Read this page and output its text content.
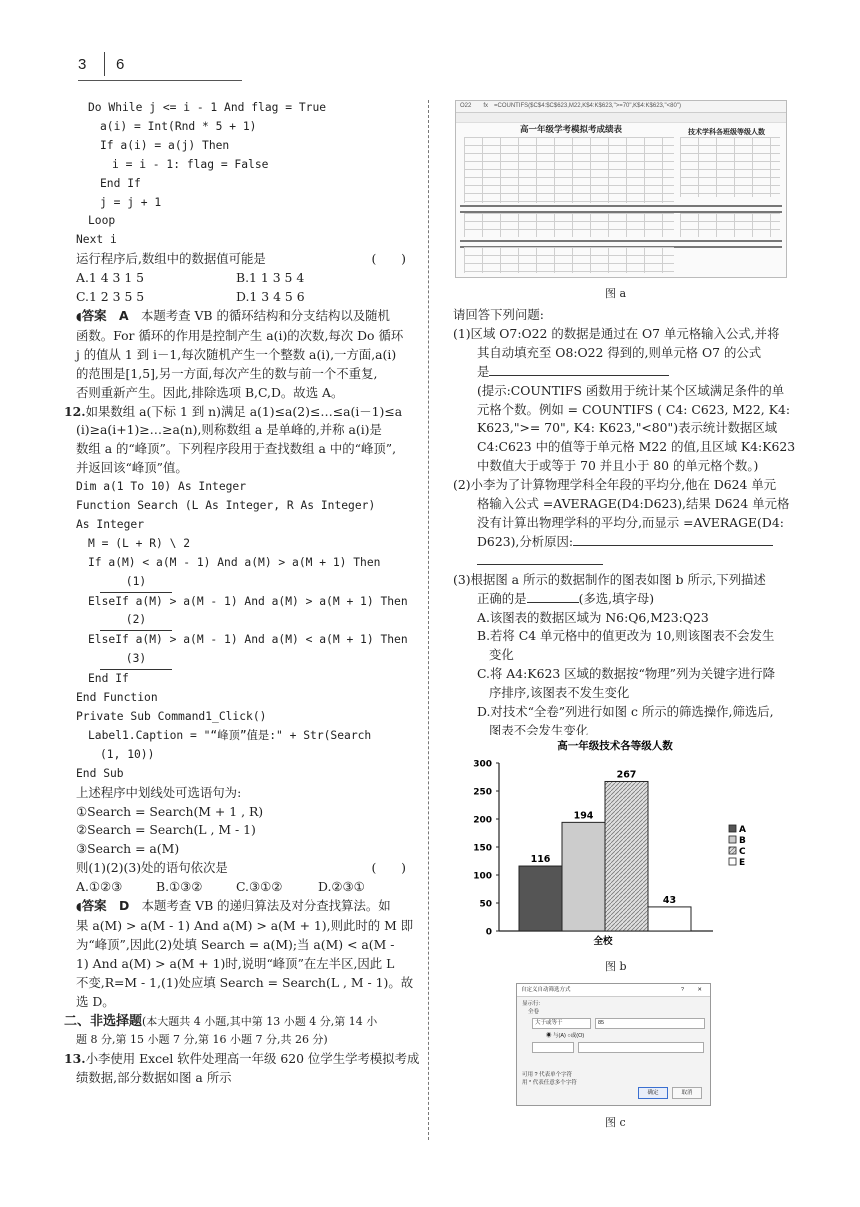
3 6
Do While j <= i - 1 And flag = True
a(i) = Int(Rnd * 5 + 1)
If a(i) = a(j) Then
i = i - 1: flag = False
End If
j = j + 1
Loop
Next i
运行程序后,数组中的数据值可能是	(　　)
A.1 4 3 1 5	B.1 1 3 5 4
C.1 2 3 5 5	D.1 3 4 5 6
◖答案　 A　 本题考查 VB 的循环结构和分支结构以及随机
函数。For 循环的作用是控制产生 a(i)的次数,每次 Do 循环
j 的值从 1 到 i－1,每次随机产生一个整数 a(i),一方面,a(i)
的范围是[1,5],另一方面,每次产生的数与前一个不重复,
否则重新产生。因此,排除选项 B,C,D。故选 A。
12.如果数组 a(下标 1 到 n)满足 a(1)≤a(2)≤…≤a(i－1)≤a
(i)≥a(i+1)≥…≥a(n),则称数组 a 是单峰的,并称 a(i)是
数组 a 的“峰顶”。下列程序段用于查找数组 a 中的“峰顶”,
并返回该“峰顶”值。
Dim a(1 To 10) As Integer
Function Search (L As Integer, R As Integer)
As Integer
M = (L + R) \ 2
If a(M) < a(M - 1) And a(M) > a(M + 1) Then
(1)
ElseIf a(M) > a(M - 1) And a(M) > a(M + 1) Then
(2)
ElseIf a(M) > a(M - 1) And a(M) < a(M + 1) Then
(3)
End If
End Function
Private Sub Command1_Click()
Label1.Caption = "“峰顶”值是:" + Str(Search
(1, 10))
End Sub
上述程序中划线处可选语句为:
①Search = Search(M + 1 , R)
②Search = Search(L , M - 1)
③Search = a(M)
则(1)(2)(3)处的语句依次是	(　　)
A.①②③	B.①③②	C.③①②	D.②③①
◖答案　 D　 本题考查 VB 的递归算法及对分查找算法。如
果 a(M) > a(M - 1) And a(M) > a(M + 1),则此时的 M 即
为“峰顶”,因此(2)处填 Search = a(M);当 a(M) < a(M -
1) And a(M) > a(M + 1)时,说明“峰顶”在左半区,因此 L
不变,R=M - 1,(1)处应填 Search = Search(L , M - 1)。故
选 D。
二、非选择题(本大题共 4 小题,其中第 13 小题 4 分,第 14 小
题 8 分,第 15 小题 7 分,第 16 小题 7 分,共 26 分)
13.小李使用 Excel 软件处理高一年级 620 位学生学考模拟考成
绩数据,部分数据如图 a 所示
O22　　fx　=COUNTIFS($C$4:$C$623,M22,K$4:K$623,">=70",K$4:K$623,"<80")
高一年级学考模拟考成绩表	技术学科各班级等级人数
图 a
请回答下列问题:
(1)区域 O7:O22 的数据是通过在 O7 单元格输入公式,并将
其自动填充至 O8:O22 得到的,则单元格 O7 的公式
是
(提示:COUNTIFS 函数用于统计某个区域满足条件的单
元格个数。例如 = COUNTIFS ( C4: C623, M22, K4:
K623,">= 70", K4: K623,"<80")表示统计数据区域
C4:C623 中的值等于单元格 M22 的值,且区域 K4:K623
中数值大于或等于 70 并且小于 80 的单元格个数。)
(2)小李为了计算物理学科全年段的平均分,他在 D624 单元
格输入公式 =AVERAGE(D4:D623),结果 D624 单元格
没有计算出物理学科的平均分,而显示 =AVERAGE(D4:
D623),分析原因:
(3)根据图 a 所示的数据制作的图表如图 b 所示,下列描述
正确的是	(多选,填字母)
A.该图表的数据区域为 N6:Q6,M23:Q23
B.若将 C4 单元格中的值更改为 10,则该图表不会发生
变化
C.将 A4:K623 区域的数据按“物理”列为关键字进行降
序排序,该图表不发生变化
D.对技术“全卷”列进行如图 c 所示的筛选操作,筛选后,
图表不会发生变化
高一年级技术各等级人数
0
50
100
150
200
250
300
116
194
267
43
A
B
C
E
全校
图 b
自定义自动筛选方式	? ✕
显示行:
全卷
大于或等于	85
◉ 与(A) ○或(O)
可用 ? 代表单个字符
用 * 代表任意多个字符
确定	取消
图 c
